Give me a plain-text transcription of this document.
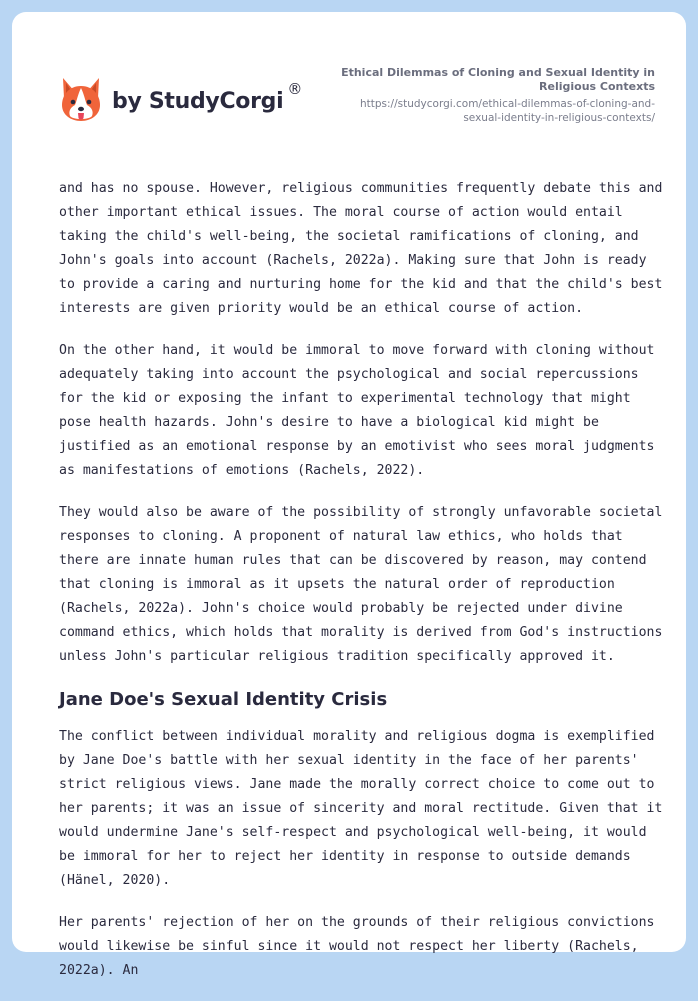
by StudyCorgi ®
Ethical Dilemmas of Cloning and Sexual Identity in Religious Contexts
https://studycorgi.com/ethical-dilemmas-of-cloning-and-sexual-identity-in-religious-contexts/

and has no spouse. However, religious communities frequently debate this and other important ethical issues. The moral course of action would entail taking the child's well-being, the societal ramifications of cloning, and John's goals into account (Rachels, 2022a). Making sure that John is ready to provide a caring and nurturing home for the kid and that the child's best interests are given priority would be an ethical course of action.

On the other hand, it would be immoral to move forward with cloning without adequately taking into account the psychological and social repercussions for the kid or exposing the infant to experimental technology that might pose health hazards. John's desire to have a biological kid might be justified as an emotional response by an emotivist who sees moral judgments as manifestations of emotions (Rachels, 2022).

They would also be aware of the possibility of strongly unfavorable societal responses to cloning. A proponent of natural law ethics, who holds that there are innate human rules that can be discovered by reason, may contend that cloning is immoral as it upsets the natural order of reproduction (Rachels, 2022a). John's choice would probably be rejected under divine command ethics, which holds that morality is derived from God's instructions unless John's particular religious tradition specifically approved it.

Jane Doe's Sexual Identity Crisis

The conflict between individual morality and religious dogma is exemplified by Jane Doe's battle with her sexual identity in the face of her parents' strict religious views. Jane made the morally correct choice to come out to her parents; it was an issue of sincerity and moral rectitude. Given that it would undermine Jane's self-respect and psychological well-being, it would be immoral for her to reject her identity in response to outside demands (Hänel, 2020).

Her parents' rejection of her on the grounds of their religious convictions would likewise be sinful since it would not respect her liberty (Rachels, 2022a). An
